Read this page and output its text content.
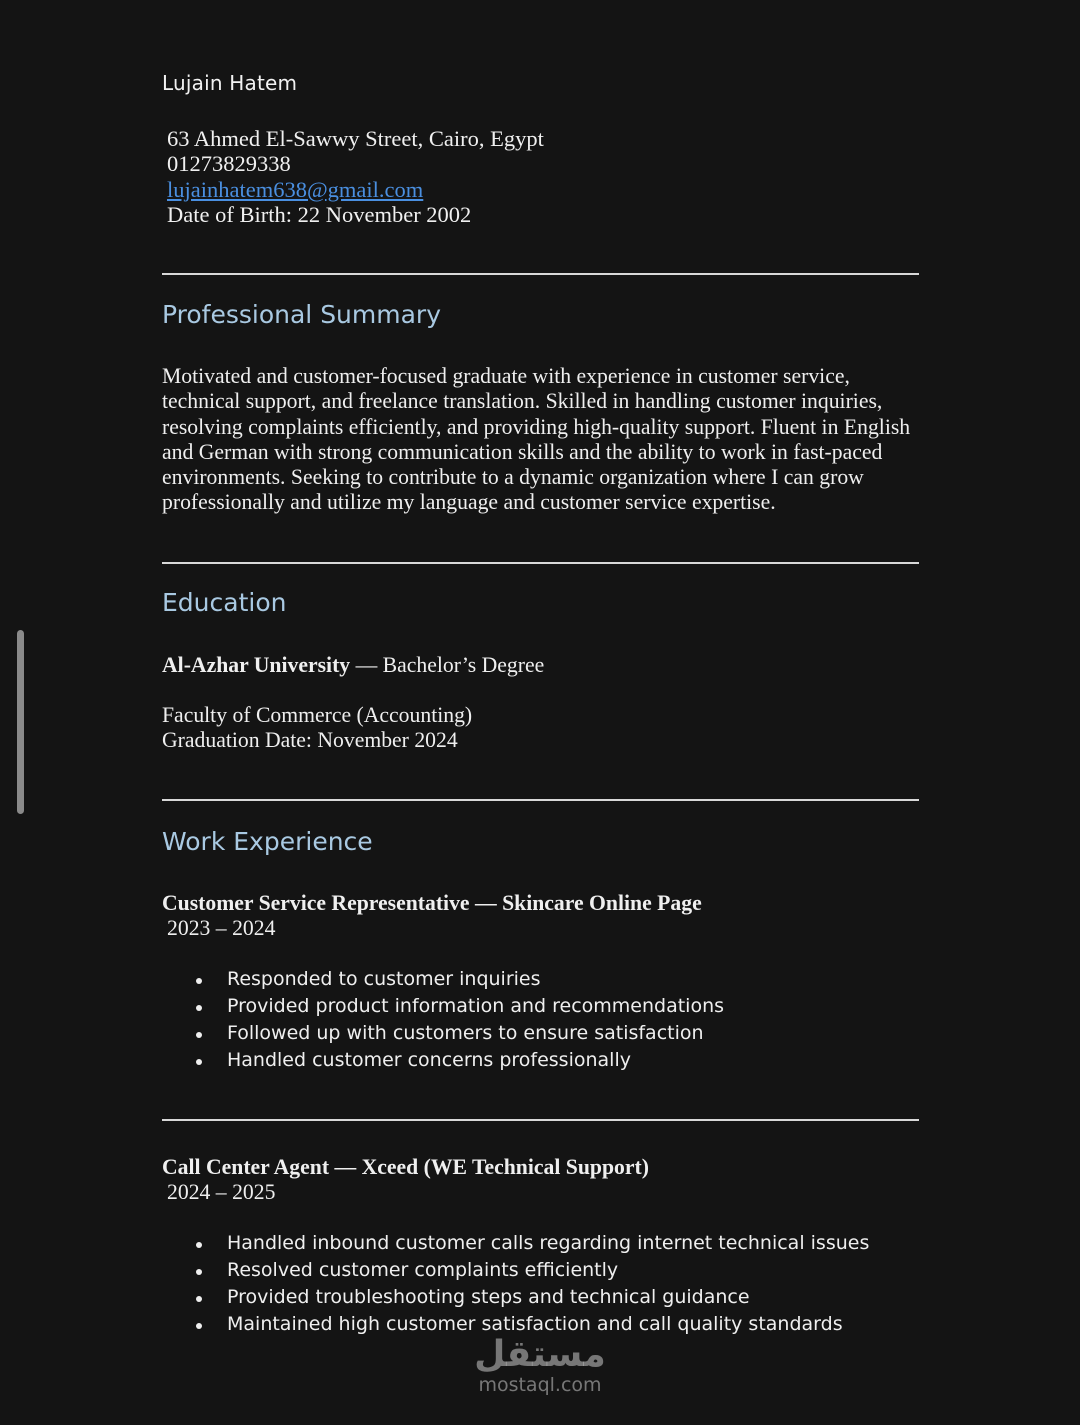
Lujain Hatem
63 Ahmed El-Sawwy Street, Cairo, Egypt
01273829338
lujainhatem638@gmail.com
Date of Birth: 22 November 2002
Professional Summary
Motivated and customer-focused graduate with experience in customer service,
technical support, and freelance translation. Skilled in handling customer inquiries,
resolving complaints efficiently, and providing high-quality support. Fluent in English
and German with strong communication skills and the ability to work in fast-paced
environments. Seeking to contribute to a dynamic organization where I can grow
professionally and utilize my language and customer service expertise.
Education
Al-Azhar University — Bachelor’s Degree
Faculty of Commerce (Accounting)
Graduation Date: November 2024
Work Experience
Customer Service Representative — Skincare Online Page
2023 – 2024
Responded to customer inquiries
Provided product information and recommendations
Followed up with customers to ensure satisfaction
Handled customer concerns professionally
Call Center Agent — Xceed (WE Technical Support)
2024 – 2025
Handled inbound customer calls regarding internet technical issues
Resolved customer complaints efficiently
Provided troubleshooting steps and technical guidance
Maintained high customer satisfaction and call quality standards
مستقل
mostaql.com
